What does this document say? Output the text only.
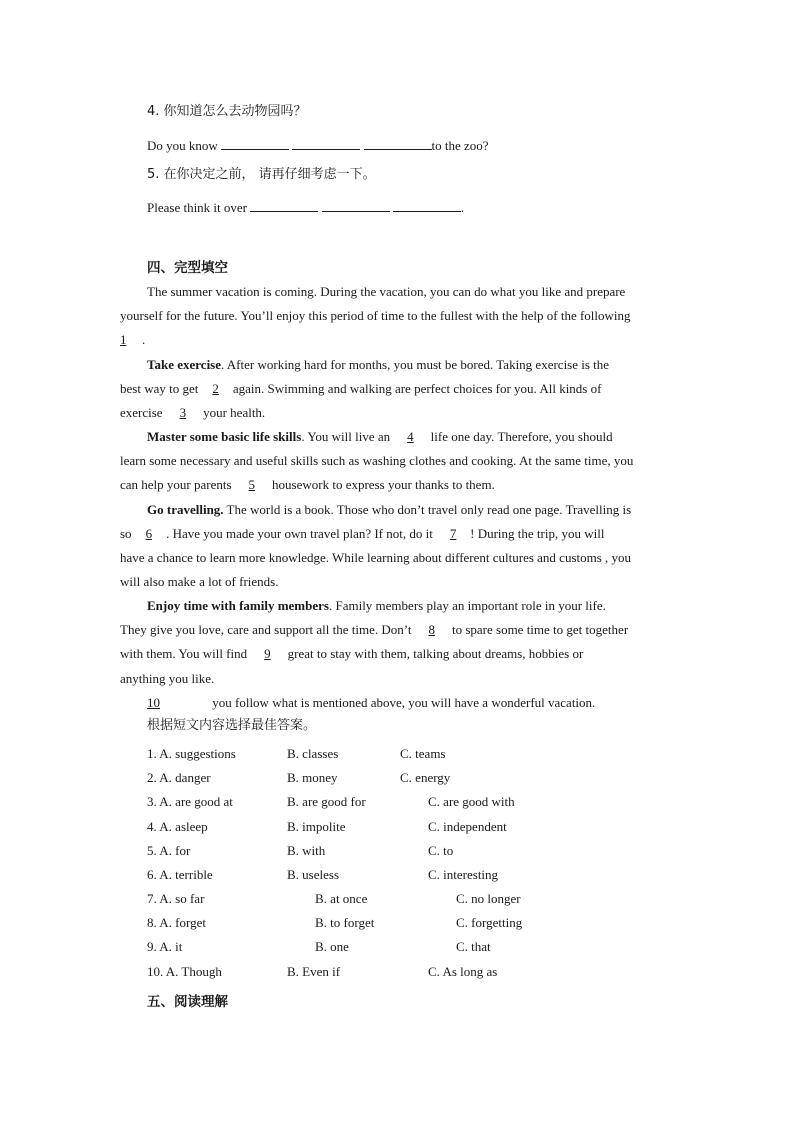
4. 你知道怎么去动物园吗？
Do you know	to the zoo?
5. 在你决定之前， 请再仔细考虑一下。
Please think it over	.
四、完型填空
The summer vacation is coming. During the vacation, you can do what you like and prepare
yourself for the future. You’ll enjoy this period of time to the fullest with the help of the following
1 .
Take exercise. After working hard for months, you must be bored. Taking exercise is the
best way to get 2 again. Swimming and walking are perfect choices for you. All kinds of
exercise 3 your health.
Master some basic life skills. You will live an 4 life one day. Therefore, you should
learn some necessary and useful skills such as washing clothes and cooking. At the same time, you
can help your parents 5 housework to express your thanks to them.
Go travelling. The world is a book. Those who don’t travel only read one page. Travelling is
so 6 . Have you made your own travel plan? If not, do it 7 ! During the trip, you will
have a chance to learn more knowledge. While learning about different cultures and customs , you
will also make a lot of friends.
Enjoy time with family members. Family members play an important role in your life.
They give you love, care and support all the time. Don’t 8 to spare some time to get together
with them. You will find 9 great to stay with them, talking about dreams, hobbies or
anything you like.
10	you follow what is mentioned above, you will have a wonderful vacation.
根据短文内容选择最佳答案。
1. A. suggestions	B. classes	C. teams
2. A. danger	B. money	C. energy
3. A. are good at	B. are good for	C. are good with
4. A. asleep	B. impolite	C. independent
5. A. for	B. with	C. to
6. A. terrible	B. useless	C. interesting
7. A. so far	B. at once	C. no longer
8. A. forget	B. to forget	C. forgetting
9. A. it	B. one	C. that
10. A. Though	B. Even if	C. As long as
五、阅读理解
